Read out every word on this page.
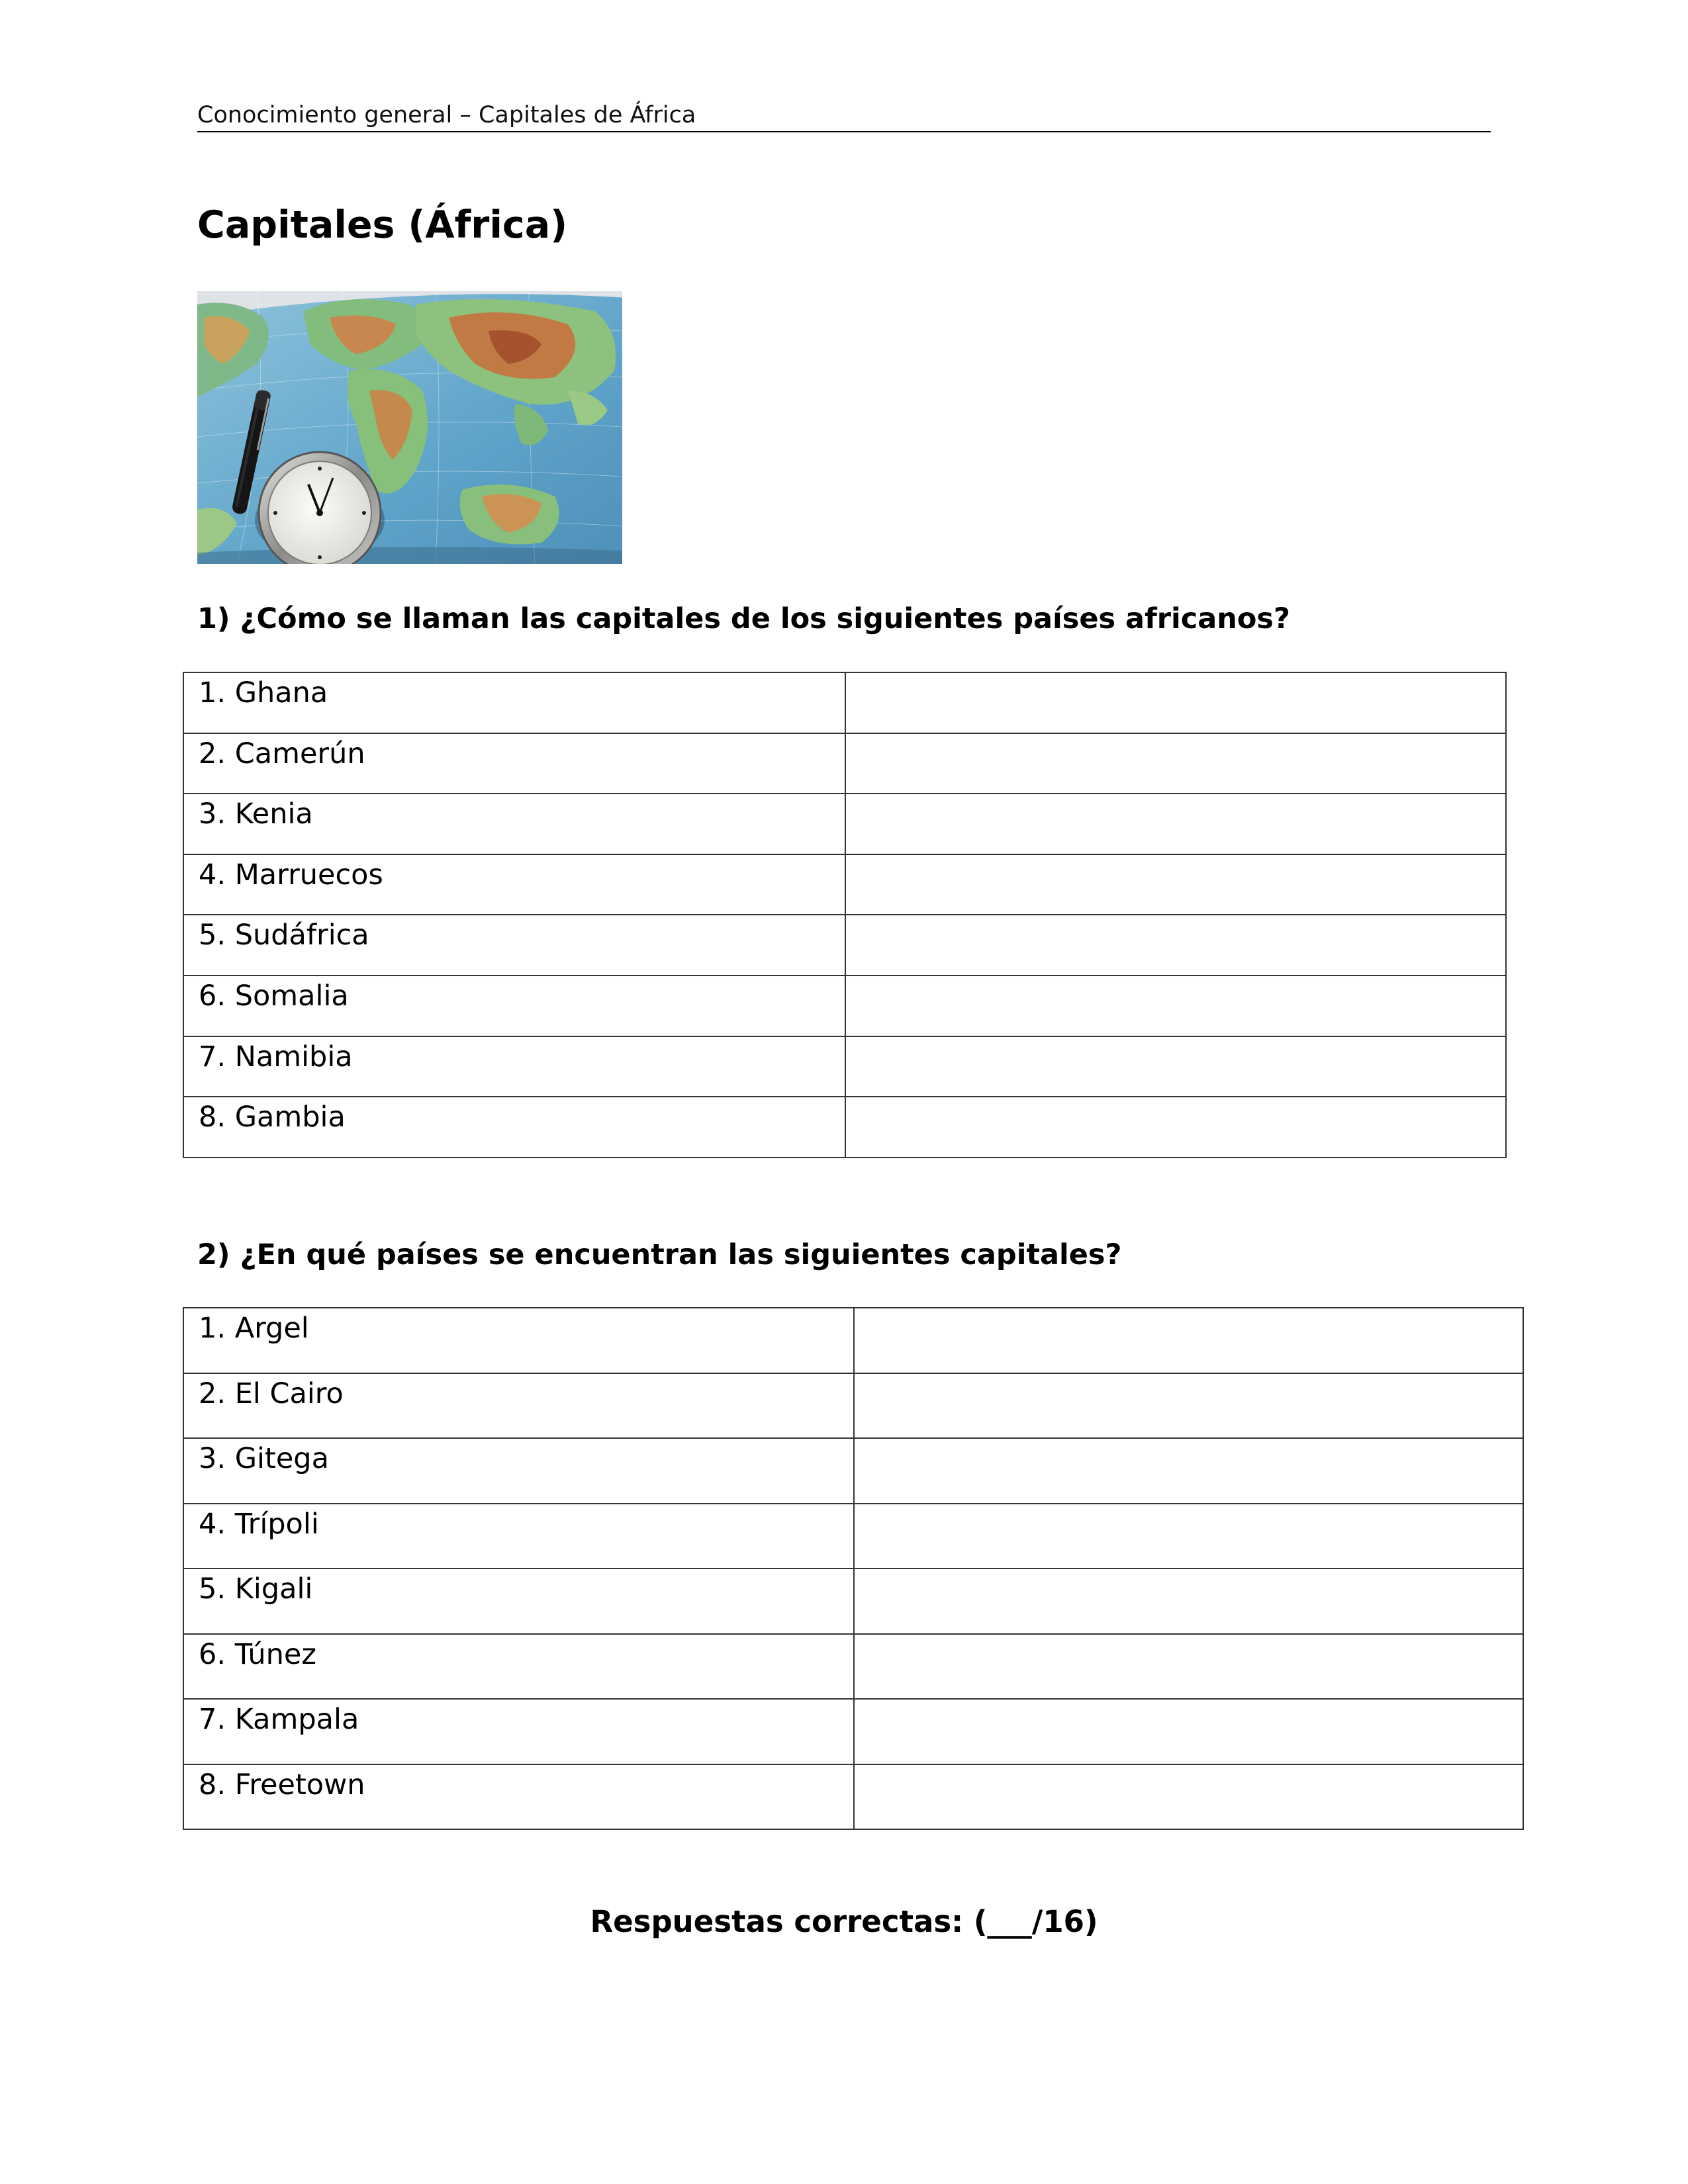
Conocimiento general – Capitales de África
Capitales (África)
1) ¿Cómo se llaman las capitales de los siguientes países africanos?
1. Ghana	
2. Camerún	
3. Kenia	
4. Marruecos	
5. Sudáfrica	
6. Somalia	
7. Namibia	
8. Gambia	
2) ¿En qué países se encuentran las siguientes capitales?
1. Argel	
2. El Cairo	
3. Gitega	
4. Trípoli	
5. Kigali	
6. Túnez	
7. Kampala	
8. Freetown	
Respuestas correctas: (___/16)
